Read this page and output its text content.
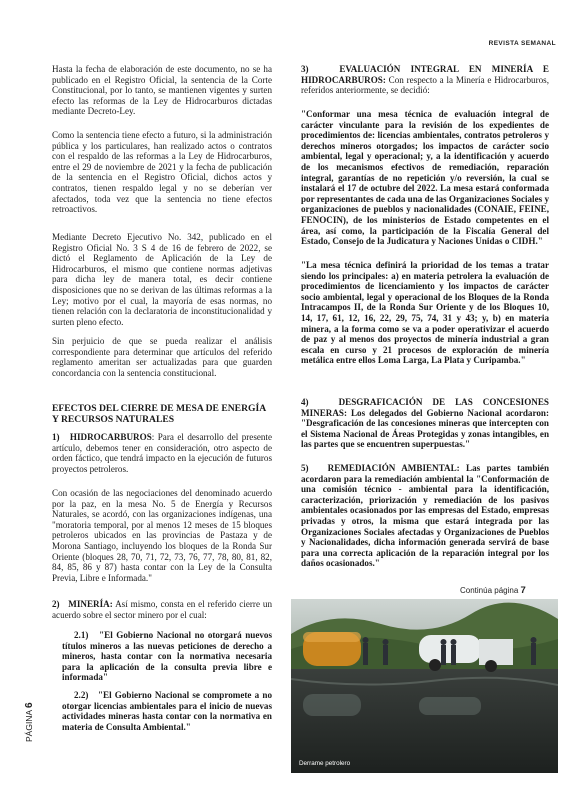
REVISTA SEMANAL
PÁGINA 6

Hasta la fecha de elaboración de este documento, no se ha publicado en el Registro Oficial, la sentencia de la Corte Constitucional, por lo tanto, se mantienen vigentes y surten efecto las reformas de la Ley de Hidrocarburos dictadas mediante Decreto-Ley.

Como la sentencia tiene efecto a futuro, si la administración pública y los particulares, han realizado actos o contratos con el respaldo de las reformas a la Ley de Hidrocarburos, entre el 29 de noviembre de 2021 y la fecha de publicación de la sentencia en el Registro Oficial, dichos actos y contratos, tienen respaldo legal y no se deberían ver afectados, toda vez que la sentencia no tiene efectos retroactivos.

Mediante Decreto Ejecutivo No. 342, publicado en el Registro Oficial No. 3 S 4 de 16 de febrero de 2022, se dictó el Reglamento de Aplicación de la Ley de Hidrocarburos, el mismo que contiene normas adjetivas para dicha ley de manera total, es decir contiene disposiciones que no se derivan de las últimas reformas a la Ley; motivo por el cual, la mayoría de esas normas, no tienen relación con la declaratoria de inconstitucionalidad y surten pleno efecto.

Sin perjuicio de que se pueda realizar el análisis correspondiente para determinar que artículos del referido reglamento ameritan ser actualizadas para que guarden concordancia con la sentencia constitucional.

EFECTOS DEL CIERRE DE MESA DE ENERGÍA Y RECURSOS NATURALES

1)   HIDROCARBUROS: Para el desarrollo del presente artículo, debemos tener en consideración, otro aspecto de orden fáctico, que tendrá impacto en la ejecución de futuros proyectos petroleros.

Con ocasión de las negociaciones del denominado acuerdo por la paz, en la mesa No. 5 de Energía y Recursos Naturales, se acordó, con las organizaciones indígenas, una "moratoria temporal, por al menos 12 meses de 15 bloques petroleros ubicados en las provincias de Pastaza y de Morona Santiago, incluyendo los bloques de la Ronda Sur Oriente (bloques 28, 70, 71, 72, 73, 76, 77, 78, 80, 81, 82, 84, 85, 86 y 87) hasta contar con la Ley de la Consulta Previa, Libre e Informada."

2)   MINERÍA: Así mismo, consta en el referido cierre un acuerdo sobre el sector minero por el cual:

2.1)   "El Gobierno Nacional no otorgará nuevos títulos mineros a las nuevas peticiones de derecho a mineros, hasta contar con la normativa necesaria para la aplicación de la consulta previa libre e informada"

2.2)   "El Gobierno Nacional se compromete a no otorgar licencias ambientales para el inicio de nuevas actividades mineras hasta contar con la normativa en materia de Consulta Ambiental."

3)   EVALUACIÓN INTEGRAL EN MINERÍA E HIDROCARBUROS: Con respecto a la Minería e Hidrocarburos, referidos anteriormente, se decidió:

"Conformar una mesa técnica de evaluación integral de carácter vinculante para la revisión de los expedientes de procedimientos de: licencias ambientales, contratos petroleros y derechos mineros otorgados; los impactos de carácter socio ambiental, legal y operacional; y, a la identificación y acuerdo de los mecanismos efectivos de remediación, reparación integral, garantías de no repetición y/o reversión, la cual se instalará el 17 de octubre del 2022. La mesa estará conformada por representantes de cada una de las Organizaciones Sociales y organizaciones de pueblos y nacionalidades (CONAIE, FEINE, FENOCIN), de los ministerios de Estado competentes en el área, así como, la participación de la Fiscalía General del Estado, Consejo de la Judicatura y Naciones Unidas o CIDH."

"La mesa técnica definirá la prioridad de los temas a tratar siendo los principales: a) en materia petrolera la evaluación de procedimientos de licenciamiento y los impactos de carácter socio ambiental, legal y operacional de los Bloques de la Ronda Intracampos II, de la Ronda Sur Oriente y de los Bloques 10, 14, 17, 61, 12, 16, 22, 29, 75, 74, 31 y 43; y, b) en materia minera, a la forma como se va a poder operativizar el acuerdo de paz y al menos dos proyectos de minería industrial a gran escala en curso y 21 procesos de exploración de minería metálica entre ellos Loma Larga, La Plata y Curipamba."

4)   DESGRAFICACIÓN DE LAS CONCESIONES MINERAS: Los delegados del Gobierno Nacional acordaron: "Desgraficación de las concesiones mineras que intercepten con el Sistema Nacional de Áreas Protegidas y zonas intangibles, en las partes que se encuentren superpuestas."

5)   REMEDIACIÓN AMBIENTAL: Las partes también acordaron para la remediación ambiental la "Conformación de una comisión técnico - ambiental para la identificación, caracterización, priorización y remediación de los pasivos ambientales ocasionados por las empresas del Estado, empresas privadas y otros, la misma que estará integrada por las Organizaciones Sociales afectadas y Organizaciones de Pueblos y Nacionalidades, dicha información generada servirá de base para una correcta aplicación de la reparación integral por los daños ocasionados."

Continúa página 7
Derrame petrolero
